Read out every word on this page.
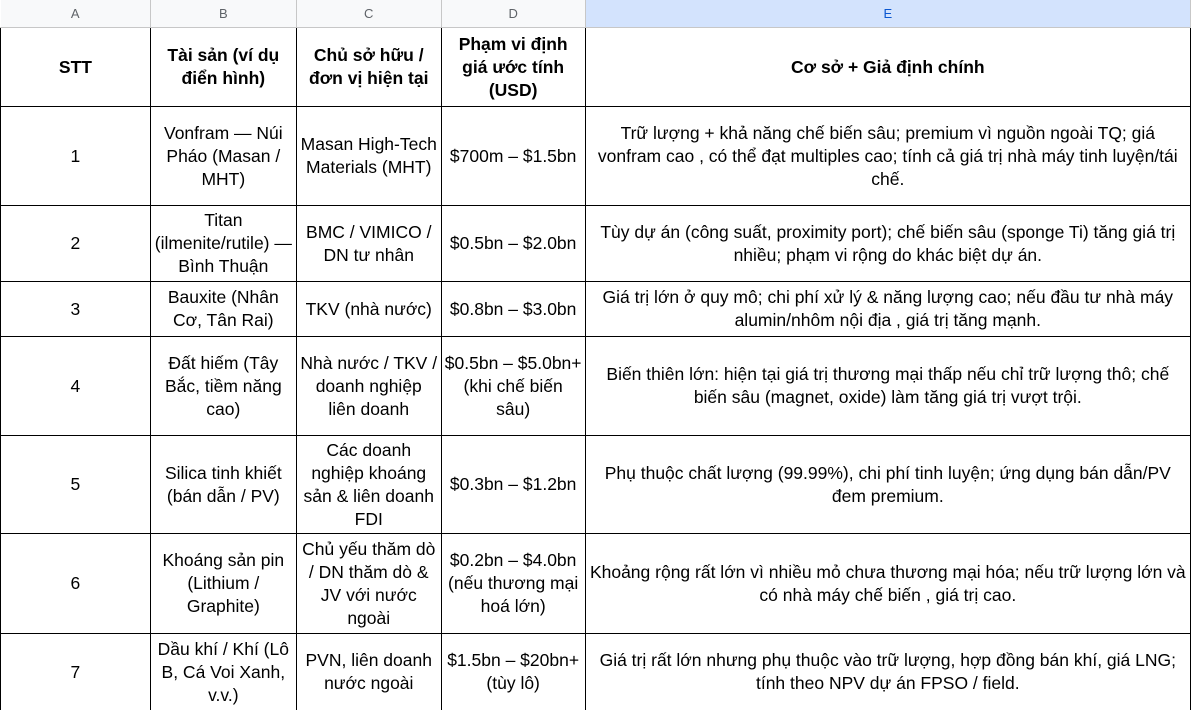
A	B	C	D	E
STT	Tài sản (ví dụ điển hình)	Chủ sở hữu / đơn vị hiện tại	Phạm vi định giá ước tính (USD)	Cơ sở + Giả định chính
1	Vonfram — Núi Pháo (Masan / MHT)	Masan High-Tech Materials (MHT)	$700m – $1.5bn	Trữ lượng + khả năng chế biến sâu; premium vì nguồn ngoài TQ; giá vonfram cao , có thể đạt multiples cao; tính cả giá trị nhà máy tinh luyện/tái chế.
2	Titan (ilmenite/rutile) — Bình Thuận	BMC / VIMICO / DN tư nhân	$0.5bn – $2.0bn	Tùy dự án (công suất, proximity port); chế biến sâu (sponge Ti) tăng giá trị nhiều; phạm vi rộng do khác biệt dự án.
3	Bauxite (Nhân Cơ, Tân Rai)	TKV (nhà nước)	$0.8bn – $3.0bn	Giá trị lớn ở quy mô; chi phí xử lý & năng lượng cao; nếu đầu tư nhà máy alumin/nhôm nội địa , giá trị tăng mạnh.
4	Đất hiếm (Tây Bắc, tiềm năng cao)	Nhà nước / TKV / doanh nghiệp liên doanh	$0.5bn – $5.0bn+ (khi chế biến sâu)	Biến thiên lớn: hiện tại giá trị thương mại thấp nếu chỉ trữ lượng thô; chế biến sâu (magnet, oxide) làm tăng giá trị vượt trội.
5	Silica tinh khiết (bán dẫn / PV)	Các doanh nghiệp khoáng sản & liên doanh FDI	$0.3bn – $1.2bn	Phụ thuộc chất lượng (99.99%), chi phí tinh luyện; ứng dụng bán dẫn/PV đem premium.
6	Khoáng sản pin (Lithium / Graphite)	Chủ yếu thăm dò / DN thăm dò & JV với nước ngoài	$0.2bn – $4.0bn (nếu thương mại hoá lớn)	Khoảng rộng rất lớn vì nhiều mỏ chưa thương mại hóa; nếu trữ lượng lớn và có nhà máy chế biến , giá trị cao.
7	Dầu khí / Khí (Lô B, Cá Voi Xanh, v.v.)	PVN, liên doanh nước ngoài	$1.5bn – $20bn+ (tùy lô)	Giá trị rất lớn nhưng phụ thuộc vào trữ lượng, hợp đồng bán khí, giá LNG; tính theo NPV dự án FPSO / field.
